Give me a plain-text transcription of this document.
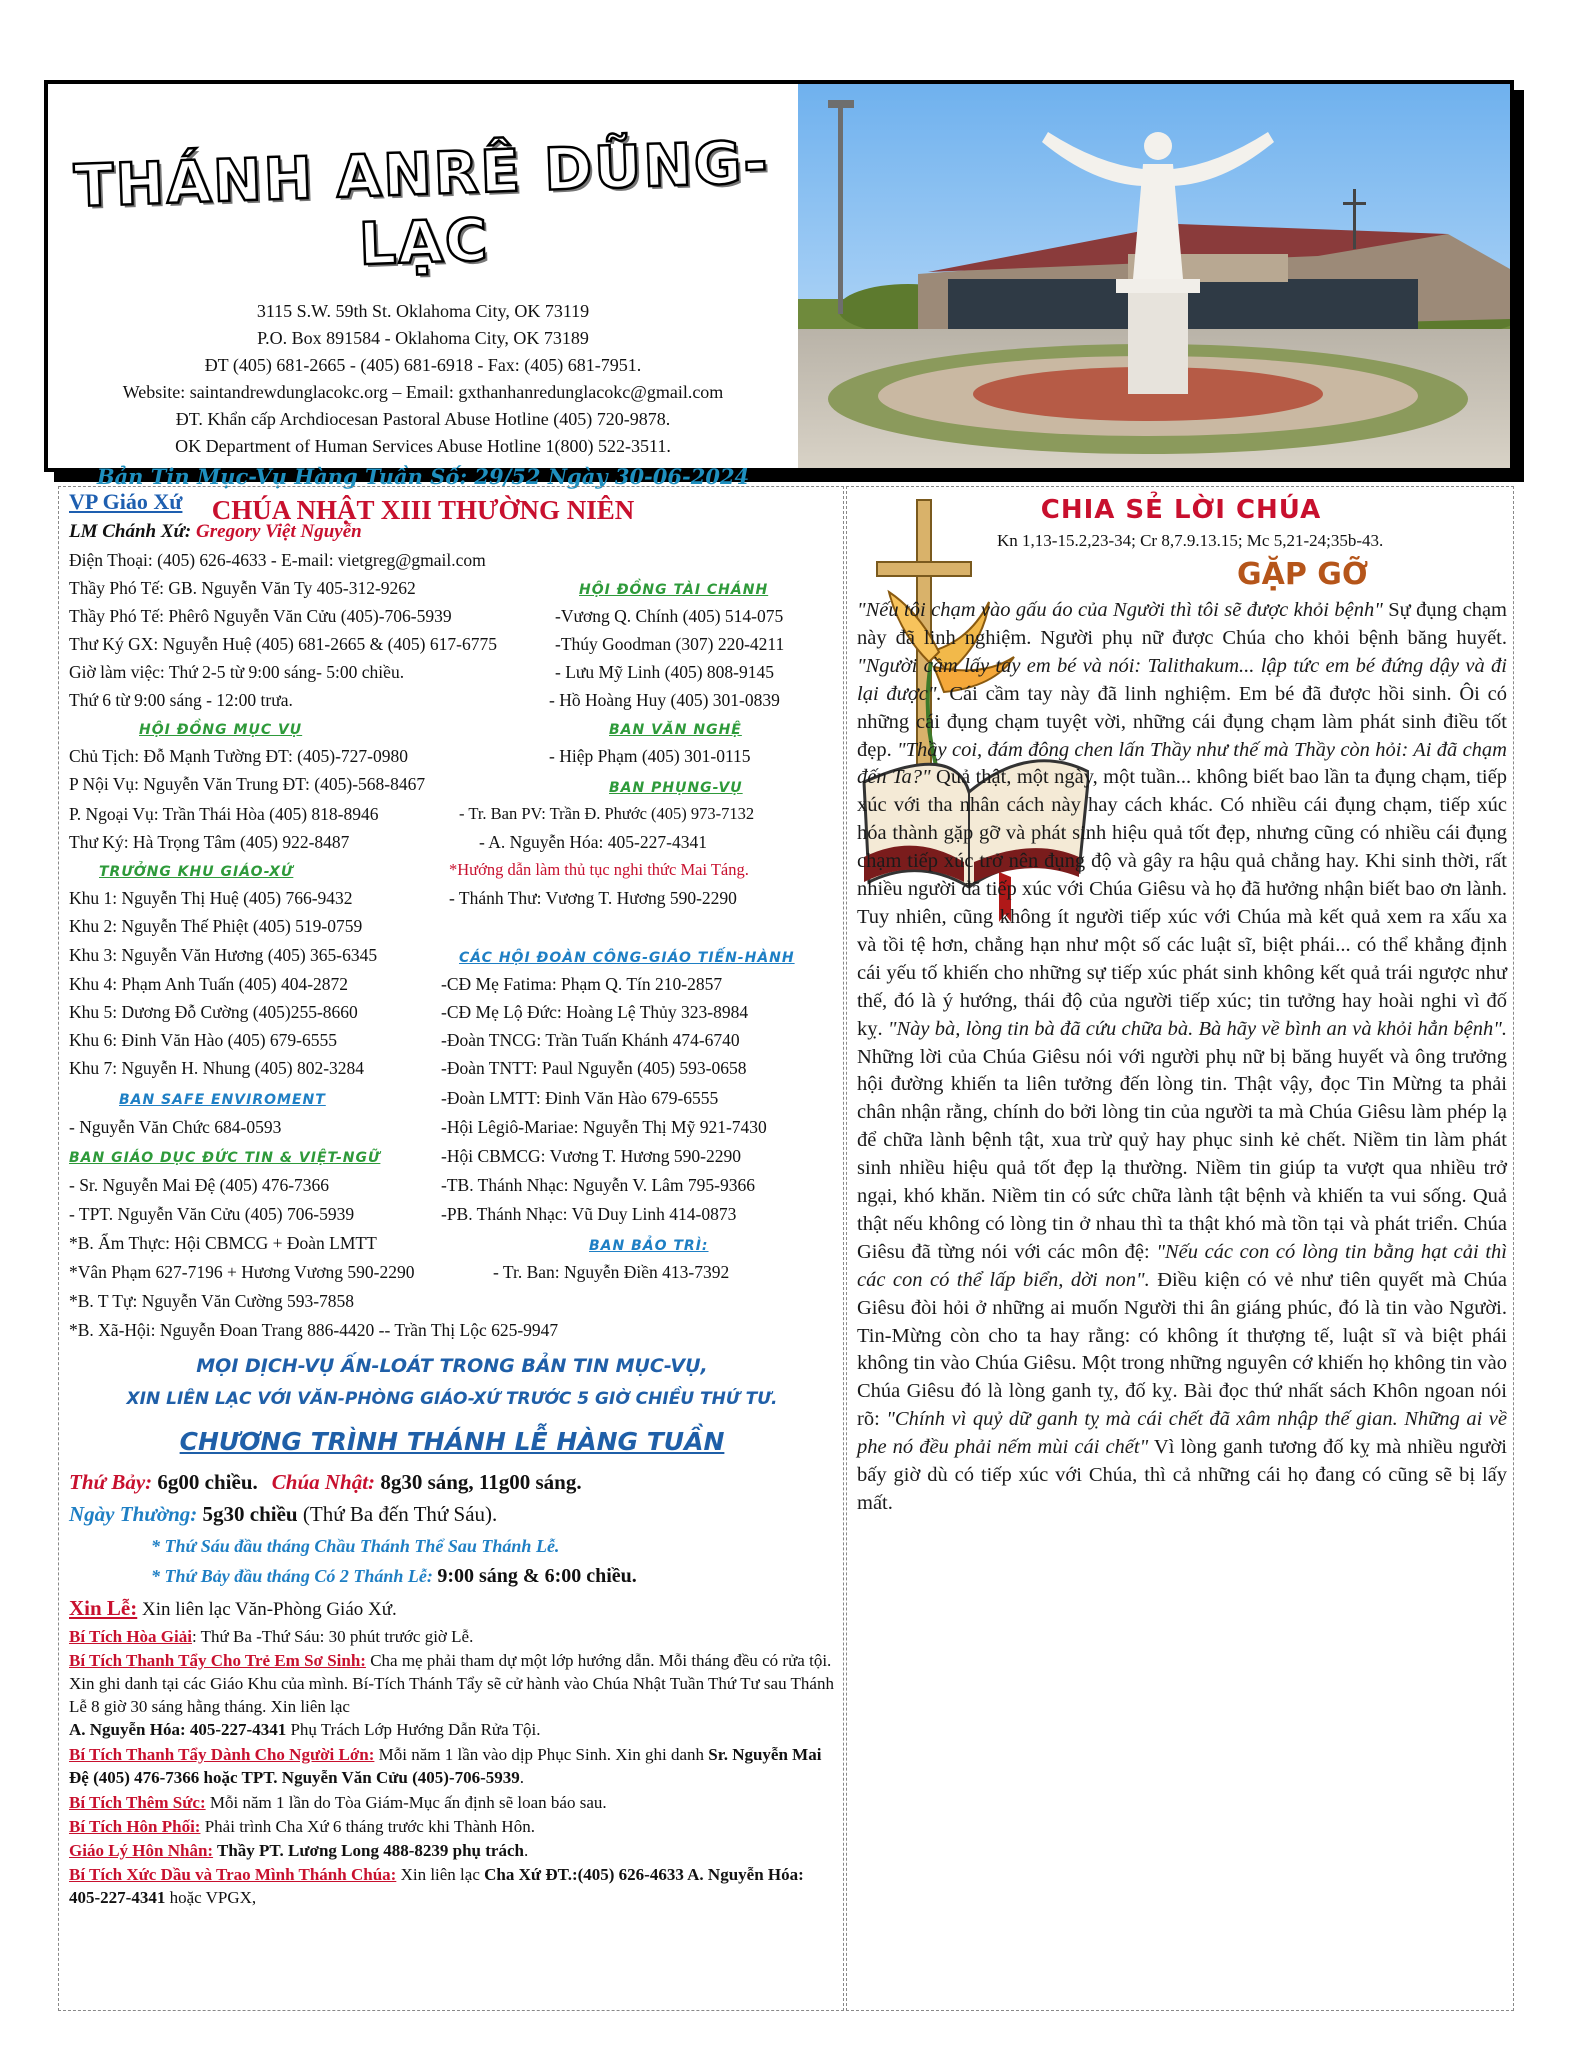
THÁNH ANRÊ DŨNG-LẠC
3115 S.W. 59th St. Oklahoma City, OK 73119
P.O. Box 891584 - Oklahoma City, OK 73189
ĐT (405) 681-2665 - (405) 681-6918 - Fax: (405) 681-7951.
Website: saintandrewdunglacokc.org – Email: gxthanhanredunglacokc@gmail.com
ĐT. Khẩn cấp Archdiocesan Pastoral Abuse Hotline (405) 720-9878.
OK Department of Human Services Abuse Hotline 1(800) 522-3511.
Bản Tin Mục-Vụ Hàng Tuần Số: 29/52 Ngày 30-06-2024
CHÚA NHẬT XIII THƯỜNG NIÊN
VP Giáo Xứ
LM Chánh Xứ: Gregory Việt Nguyễn
Điện Thoại: (405) 626-4633 - E-mail: vietgreg@gmail.com
Thầy Phó Tế: GB. Nguyễn Văn Ty 405-312-9262
Thầy Phó Tế: Phêrô Nguyễn Văn Cửu (405)-706-5939
Thư Ký GX: Nguyễn Huệ (405) 681-2665 & (405) 617-6775
Giờ làm việc: Thứ 2-5 từ 9:00 sáng- 5:00 chiều.
Thứ 6 từ 9:00 sáng - 12:00 trưa.
HỘI ĐỒNG TÀI CHÁNH
-Vương Q. Chính (405) 514-075
-Thúy Goodman (307) 220-4211
- Lưu Mỹ Linh (405) 808-9145
- Hồ Hoàng Huy (405) 301-0839
HỘI ĐỒNG MỤC VỤ
Chủ Tịch: Đỗ Mạnh Tường ĐT: (405)-727-0980
P Nội Vụ: Nguyễn Văn Trung ĐT: (405)-568-8467
P. Ngoại Vụ: Trần Thái Hòa (405) 818-8946
Thư Ký: Hà Trọng Tâm (405) 922-8487
BAN VĂN NGHỆ
- Hiệp Phạm (405) 301-0115
BAN PHỤNG-VỤ
- Tr. Ban PV: Trần Đ. Phước (405) 973-7132
- A. Nguyễn Hóa: 405-227-4341
TRƯỞNG KHU GIÁO-XỨ	*Hướng dẫn làm thủ tục nghi thức Mai Táng.
- Thánh Thư: Vương T. Hương 590-2290
Khu 1: Nguyễn Thị Huệ (405) 766-9432
Khu 2: Nguyễn Thế Phiệt (405) 519-0759
Khu 3: Nguyễn Văn Hương (405) 365-6345
Khu 4: Phạm Anh Tuấn (405) 404-2872
Khu 5: Dương Đỗ Cường (405)255-8660
Khu 6: Đinh Văn Hào (405) 679-6555
Khu 7: Nguyễn H. Nhung (405) 802-3284
CÁC HỘI ĐOÀN CÔNG-GIÁO TIẾN-HÀNH
-CĐ Mẹ Fatima: Phạm Q. Tín 210-2857
-CĐ Mẹ Lộ Đức: Hoàng Lệ Thủy 323-8984
-Đoàn TNCG: Trần Tuấn Khánh 474-6740
-Đoàn TNTT: Paul Nguyễn (405) 593-0658
-Đoàn LMTT: Đinh Văn Hào 679-6555
-Hội Lêgiô-Mariae: Nguyễn Thị Mỹ 921-7430
-Hội CBMCG: Vương T. Hương 590-2290
-TB. Thánh Nhạc: Nguyễn V. Lâm 795-9366
-PB. Thánh Nhạc: Vũ Duy Linh 414-0873
BAN SAFE ENVIROMENT
- Nguyễn Văn Chức 684-0593
BAN GIÁO DỤC ĐỨC TIN & VIỆT-NGỮ
- Sr. Nguyễn Mai Đệ (405) 476-7366
- TPT. Nguyễn Văn Cửu (405) 706-5939
*B. Ẩm Thực: Hội CBMCG + Đoàn LMTT	BAN BẢO TRÌ:
*Vân Phạm 627-7196 + Hương Vương 590-2290	- Tr. Ban: Nguyễn Điền 413-7392
*B. T Tự: Nguyễn Văn Cường 593-7858
*B. Xã-Hội: Nguyễn Đoan Trang 886-4420 -- Trần Thị Lộc 625-9947
MỌI DỊCH-VỤ ẤN-LOÁT TRONG BẢN TIN MỤC-VỤ,
XIN LIÊN LẠC VỚI VĂN-PHÒNG GIÁO-XỨ TRƯỚC 5 GIỜ CHIỀU THỨ TƯ.
CHƯƠNG TRÌNH THÁNH LỄ HÀNG TUẦN
Thứ Bảy: 6g00 chiều. Chúa Nhật: 8g30 sáng, 11g00 sáng.
Ngày Thường: 5g30 chiều (Thứ Ba đến Thứ Sáu).
* Thứ Sáu đầu tháng Chầu Thánh Thể Sau Thánh Lễ.
* Thứ Bảy đầu tháng Có 2 Thánh Lễ: 9:00 sáng & 6:00 chiều.
Xin Lễ: Xin liên lạc Văn-Phòng Giáo Xứ.
Bí Tích Hòa Giải: Thứ Ba -Thứ Sáu: 30 phút trước giờ Lễ.
Bí Tích Thanh Tẩy Cho Trẻ Em Sơ Sinh: Cha mẹ phải tham dự một lớp hướng dẫn. Mỗi tháng đều có rửa tội. Xin ghi danh tại các Giáo Khu của mình. Bí-Tích Thánh Tẩy sẽ cử hành vào Chúa Nhật Tuần Thứ Tư sau Thánh Lễ 8 giờ 30 sáng hằng tháng. Xin liên lạc
A. Nguyễn Hóa: 405-227-4341 Phụ Trách Lớp Hướng Dẫn Rửa Tội.
Bí Tích Thanh Tẩy Dành Cho Người Lớn: Mỗi năm 1 lần vào dịp Phục Sinh. Xin ghi danh Sr. Nguyễn Mai Đệ (405) 476-7366 hoặc TPT. Nguyễn Văn Cửu (405)-706-5939.
Bí Tích Thêm Sức: Mỗi năm 1 lần do Tòa Giám-Mục ấn định sẽ loan báo sau.
Bí Tích Hôn Phối: Phải trình Cha Xứ 6 tháng trước khi Thành Hôn.
Giáo Lý Hôn Nhân: Thầy PT. Lương Long 488-8239 phụ trách.
Bí Tích Xức Dầu và Trao Mình Thánh Chúa: Xin liên lạc Cha Xứ ĐT.:(405) 626-4633 A. Nguyễn Hóa: 405-227-4341 hoặc VPGX,
CHIA SẺ LỜI CHÚA
Kn 1,13-15.2,23-34; Cr 8,7.9.13.15; Mc 5,21-24;35b-43.
GẶP GỠ
"Nếu tôi chạm vào gấu áo của Người thì tôi sẽ được khỏi bệnh" Sự đụng chạm này đã linh nghiệm. Người phụ nữ được Chúa cho khỏi bệnh băng huyết. "Người cầm lấy tay em bé và nói: Talithakum... lập tức em bé đứng dậy và đi lại được". Cái cầm tay này đã linh nghiệm. Em bé đã được hồi sinh. Ôi có những cái đụng chạm tuyệt vời, những cái đụng chạm làm phát sinh điều tốt đẹp. "Thầy coi, đám đông chen lấn Thầy như thế mà Thầy còn hỏi: Ai đã chạm đến Ta?" Quả thật, một ngày, một tuần... không biết bao lần ta đụng chạm, tiếp xúc với tha nhân cách này hay cách khác. Có nhiều cái đụng chạm, tiếp xúc hóa thành gặp gỡ và phát sinh hiệu quả tốt đẹp, nhưng cũng có nhiều cái đụng chạm tiếp xúc trở nên đụng độ và gây ra hậu quả chẳng hay. Khi sinh thời, rất nhiều người đã tiếp xúc với Chúa Giêsu và họ đã hưởng nhận biết bao ơn lành. Tuy nhiên, cũng không ít người tiếp xúc với Chúa mà kết quả xem ra xấu xa và tồi tệ hơn, chẳng hạn như một số các luật sĩ, biệt phái... có thể khẳng định cái yếu tố khiến cho những sự tiếp xúc phát sinh không kết quả trái ngược như thế, đó là ý hướng, thái độ của người tiếp xúc; tin tưởng hay hoài nghi vì đố kỵ. "Này bà, lòng tin bà đã cứu chữa bà. Bà hãy về bình an và khỏi hẳn bệnh". Những lời của Chúa Giêsu nói với người phụ nữ bị băng huyết và ông trưởng hội đường khiến ta liên tưởng đến lòng tin. Thật vậy, đọc Tin Mừng ta phải chân nhận rằng, chính do bởi lòng tin của người ta mà Chúa Giêsu làm phép lạ để chữa lành bệnh tật, xua trừ quỷ hay phục sinh kẻ chết. Niềm tin làm phát sinh nhiều hiệu quả tốt đẹp lạ thường. Niềm tin giúp ta vượt qua nhiều trở ngại, khó khăn. Niềm tin có sức chữa lành tật bệnh và khiến ta vui sống. Quả thật nếu không có lòng tin ở nhau thì ta thật khó mà tồn tại và phát triển. Chúa Giêsu đã từng nói với các môn đệ: "Nếu các con có lòng tin bằng hạt cải thì các con có thể lấp biển, dời non". Điều kiện có vẻ như tiên quyết mà Chúa Giêsu đòi hỏi ở những ai muốn Người thi ân giáng phúc, đó là tin vào Người. Tin-Mừng còn cho ta hay rằng: có không ít thượng tế, luật sĩ và biệt phái không tin vào Chúa Giêsu. Một trong những nguyên cớ khiến họ không tin vào Chúa Giêsu đó là lòng ganh tỵ, đố kỵ. Bài đọc thứ nhất sách Khôn ngoan nói rõ: "Chính vì quỷ dữ ganh tỵ mà cái chết đã xâm nhập thế gian. Những ai về phe nó đều phải nếm mùi cái chết" Vì lòng ganh tương đố kỵ mà nhiều người bấy giờ dù có tiếp xúc với Chúa, thì cả những cái họ đang có cũng sẽ bị lấy mất.
